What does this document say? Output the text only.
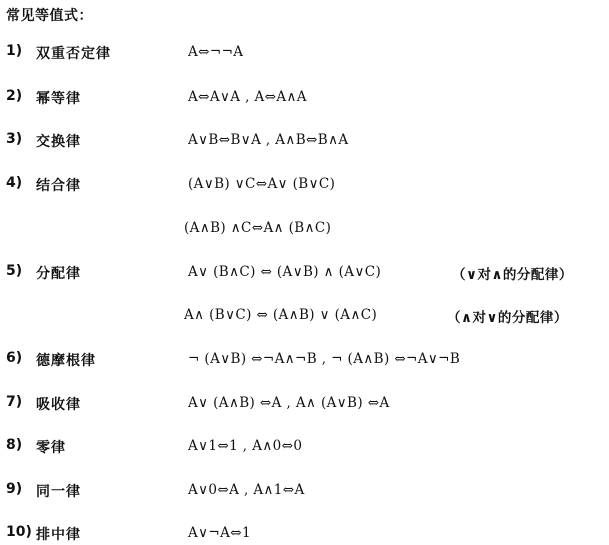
常见等值式：
1) 双重否定律	A⇔¬¬A
2) 幂等律	A⇔A∨A , A⇔A∧A
3) 交换律	A∨B⇔B∨A , A∧B⇔B∧A
4) 结合律	(A∨B) ∨C⇔A∨ (B∨C)
(A∧B) ∧C⇔A∧ (B∧C)
5) 分配律	A∨ (B∧C) ⇔ (A∨B) ∧ (A∨C)	（∨对∧的分配律）
A∧ (B∨C) ⇔ (A∧B) ∨ (A∧C)	（∧对∨的分配律）
6) 德摩根律	¬ (A∨B) ⇔¬A∧¬B , ¬ (A∧B) ⇔¬A∨¬B
7) 吸收律	A∨ (A∧B) ⇔A , A∧ (A∨B) ⇔A
8) 零律	A∨1⇔1 , A∧0⇔0
9) 同一律	A∨0⇔A , A∧1⇔A
10) 排中律	A∨¬A⇔1
